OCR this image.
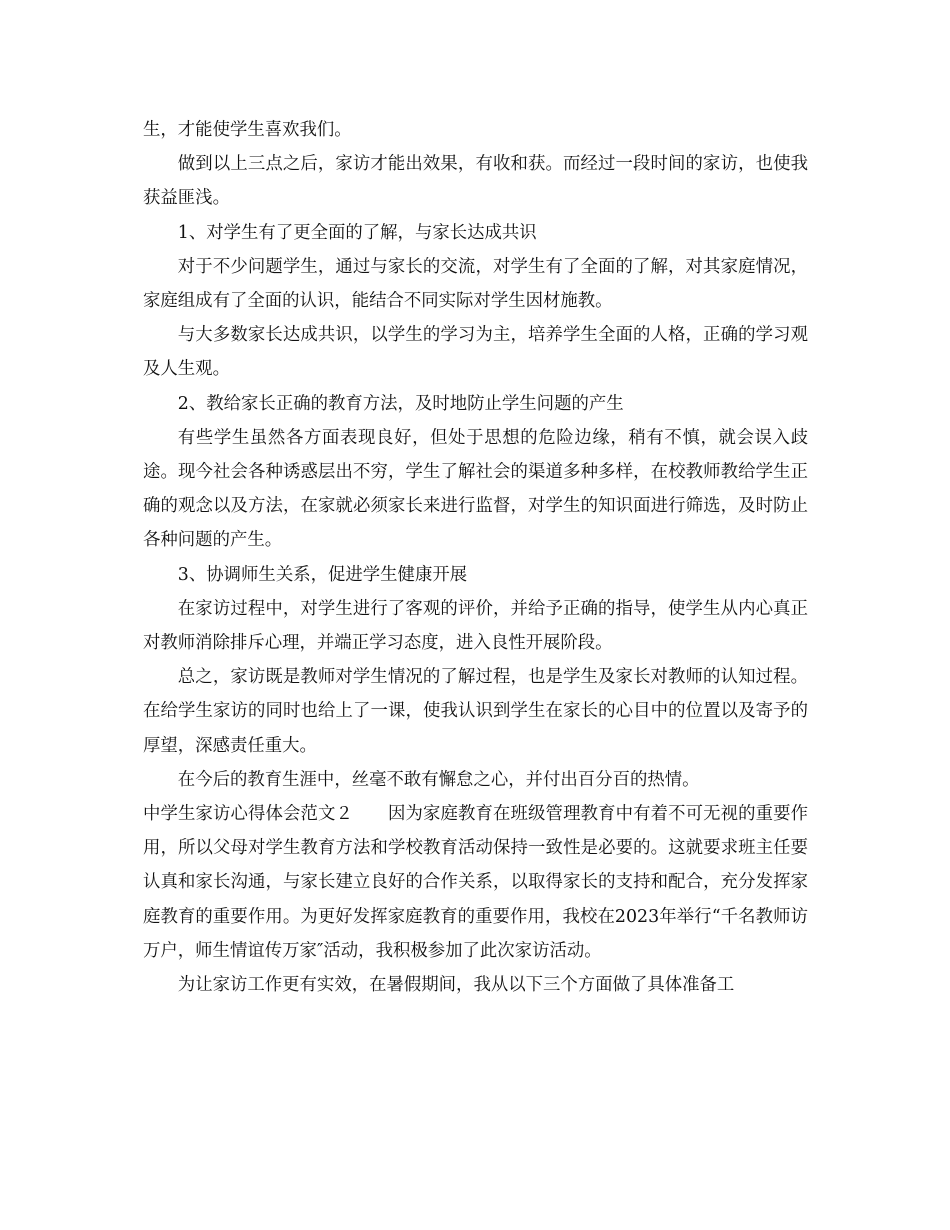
生，才能使学生喜欢我们。

做到以上三点之后，家访才能出效果，有收和获。而经过一段时间的家访，也使我获益匪浅。

1、对学生有了更全面的了解，与家长达成共识

对于不少问题学生，通过与家长的交流，对学生有了全面的了解，对其家庭情况，家庭组成有了全面的认识，能结合不同实际对学生因材施教。

与大多数家长达成共识，以学生的学习为主，培养学生全面的人格，正确的学习观及人生观。

2、教给家长正确的教育方法，及时地防止学生问题的产生

有些学生虽然各方面表现良好，但处于思想的危险边缘，稍有不慎，就会误入歧途。现今社会各种诱惑层出不穷，学生了解社会的渠道多种多样，在校教师教给学生正确的观念以及方法，在家就必须家长来进行监督，对学生的知识面进行筛选，及时防止各种问题的产生。

3、协调师生关系，促进学生健康开展

在家访过程中，对学生进行了客观的评价，并给予正确的指导，使学生从内心真正对教师消除排斥心理，并端正学习态度，进入良性开展阶段。

总之，家访既是教师对学生情况的了解过程，也是学生及家长对教师的认知过程。在给学生家访的同时也给上了一课，使我认识到学生在家长的心目中的位置以及寄予的厚望，深感责任重大。

在今后的教育生涯中，丝毫不敢有懈怠之心，并付出百分百的热情。

中学生家访心得体会范文２　　因为家庭教育在班级管理教育中有着不可无视的重要作用，所以父母对学生教育方法和学校教育活动保持一致性是必要的。这就要求班主任要认真和家长沟通，与家长建立良好的合作关系，以取得家长的支持和配合，充分发挥家庭教育的重要作用。为更好发挥家庭教育的重要作用，我校在2023年举行“千名教师访万户，师生情谊传万家″活动，我积极参加了此次家访活动。

为让家访工作更有实效，在暑假期间，我从以下三个方面做了具体准备工
